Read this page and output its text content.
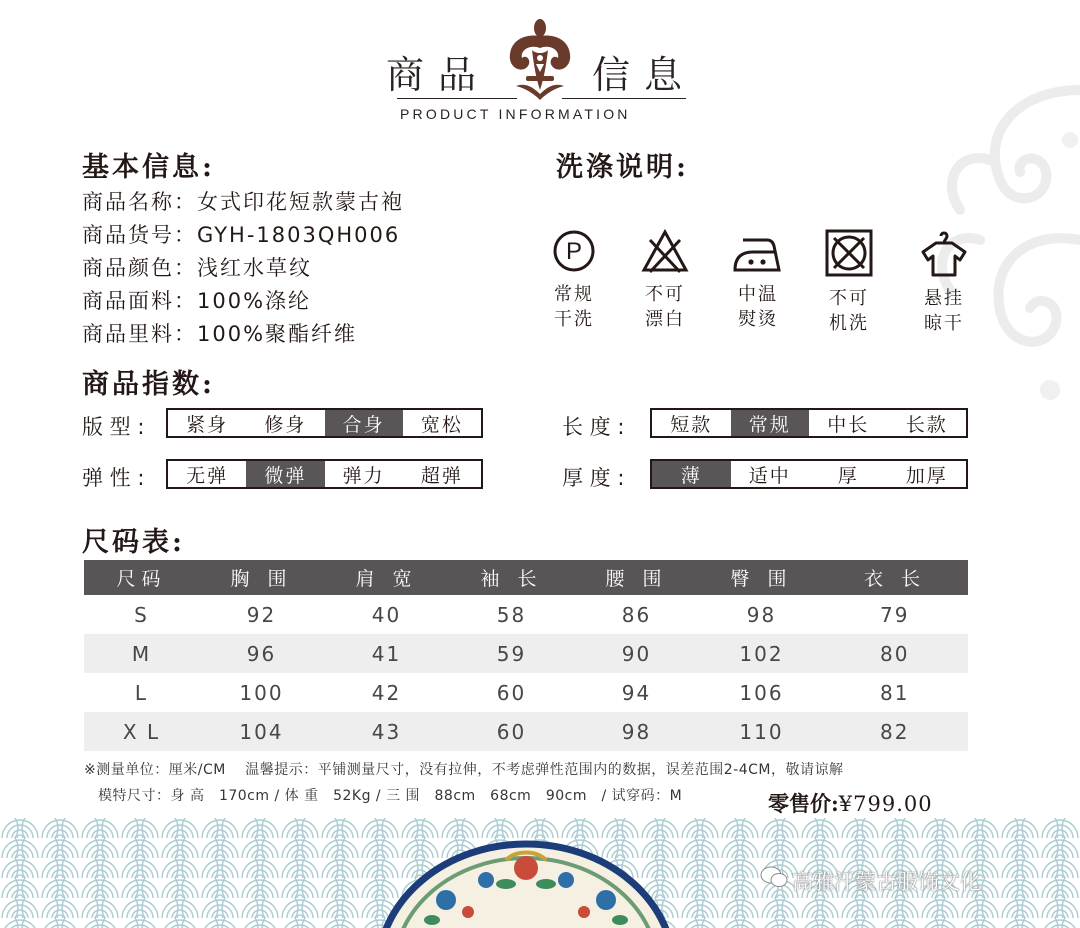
商品	信息
PRODUCT INFORMATION
基本信息:
商品名称：女式印花短款蒙古袍
商品货号：GYH-1803QH006
商品颜色：浅红水草纹
商品面料：100%涤纶
商品里料：100%聚酯纤维
洗涤说明:
P
常规
干洗
不可
漂白
中温
熨烫
不可
机洗
悬挂
晾干
商品指数:
版 型 :	紧身	修身	合身	宽松	长 度 :	短款	常规	中长	长款
弹 性 :	无弹	微弹	弹力	超弹	厚 度 :	薄	适中	厚	加厚
尺码表:
尺码	胸 围	肩 宽	袖 长	腰 围	臀 围	衣 长
S	92	40	58	86	98	79
M	96	41	59	90	102	80
L	100	42	60	94	106	81
X L	104	43	60	98	110	82
※测量单位：厘米/CM　 温馨提示：平铺测量尺寸，没有拉伸，不考虑弹性范围内的数据，误差范围2-4CM，敬请谅解
模特尺寸：身 高　170cm / 体 重　52Kg / 三 围　88cm　68cm　90cm　/ 试穿码：M	零售价:¥799.00
高雅汗蒙古服饰文化
